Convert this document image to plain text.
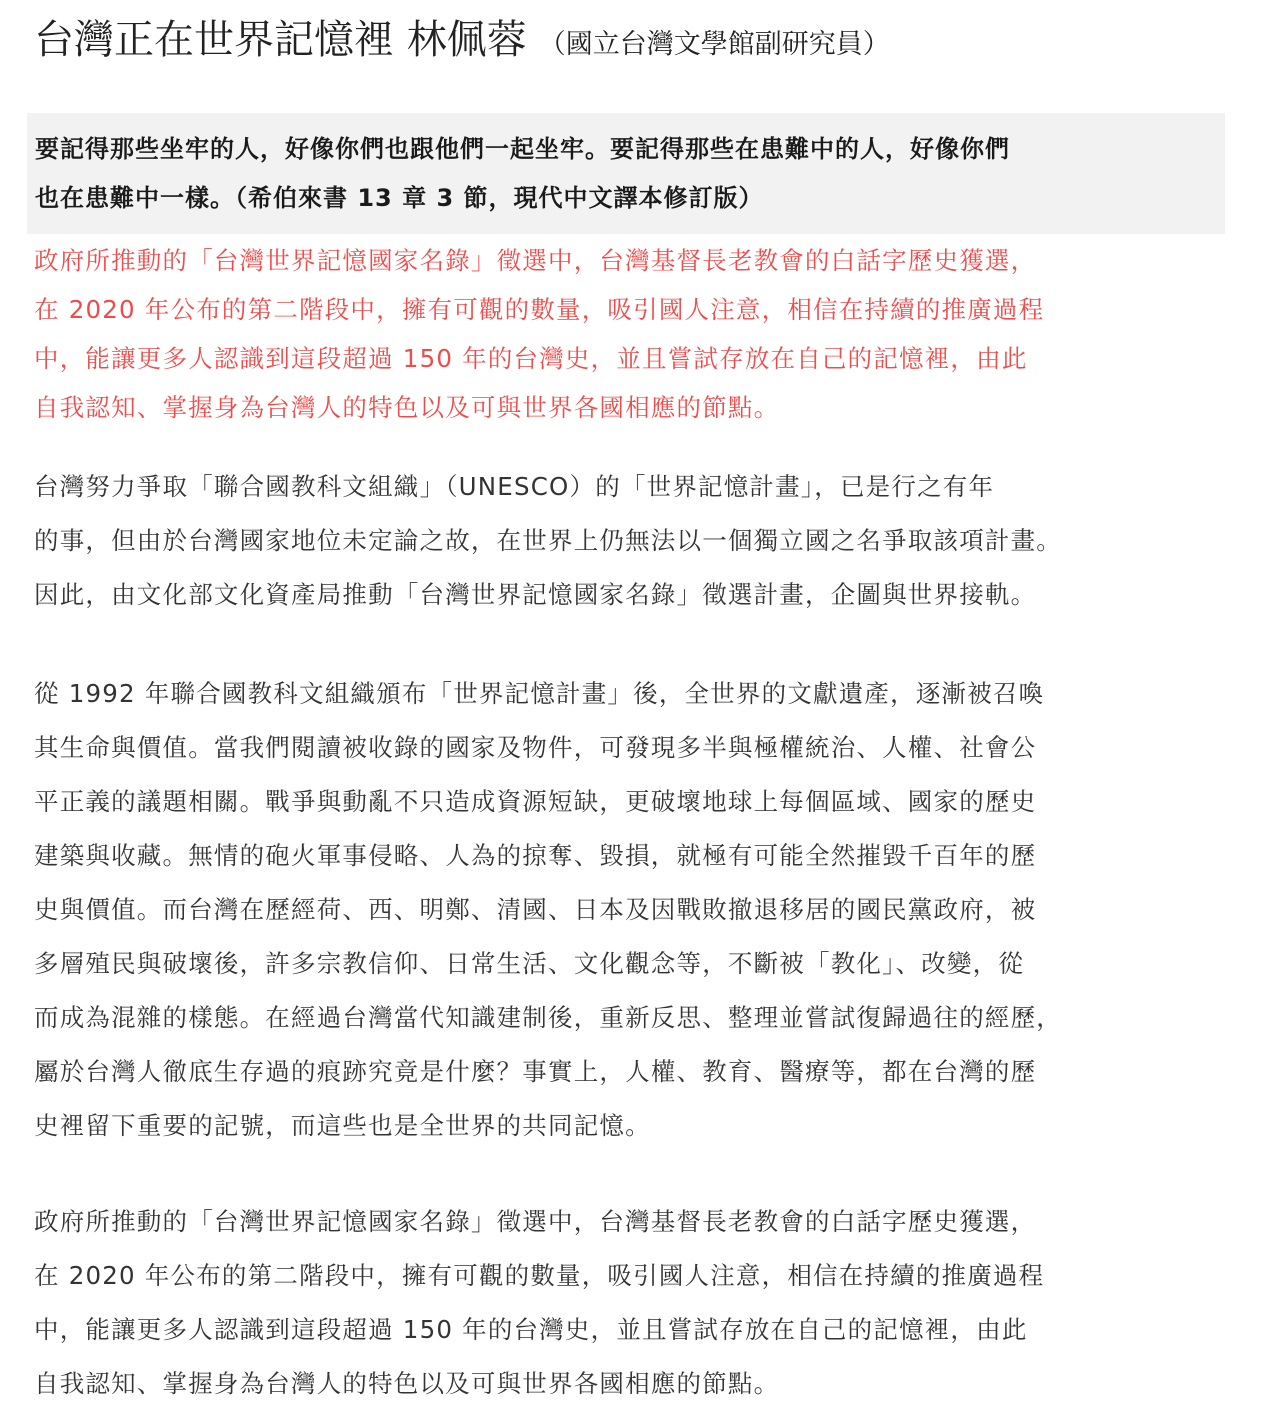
台灣正在世界記憶裡 林佩蓉 （國立台灣文學館副研究員）
要記得那些坐牢的人，好像你們也跟他們一起坐牢。要記得那些在患難中的人，好像你們
也在患難中一樣。（希伯來書 13 章 3 節，現代中文譯本修訂版）
政府所推動的「台灣世界記憶國家名錄」徵選中，台灣基督長老教會的白話字歷史獲選，
在 2020 年公布的第二階段中，擁有可觀的數量，吸引國人注意，相信在持續的推廣過程
中，能讓更多人認識到這段超過 150 年的台灣史，並且嘗試存放在自己的記憶裡，由此
自我認知、掌握身為台灣人的特色以及可與世界各國相應的節點。
台灣努力爭取「聯合國教科文組織」（UNESCO）的「世界記憶計畫」，已是行之有年
的事，但由於台灣國家地位未定論之故，在世界上仍無法以一個獨立國之名爭取該項計畫。
因此，由文化部文化資產局推動「台灣世界記憶國家名錄」徵選計畫，企圖與世界接軌。
從 1992 年聯合國教科文組織頒布「世界記憶計畫」後，全世界的文獻遺產，逐漸被召喚
其生命與價值。當我們閱讀被收錄的國家及物件，可發現多半與極權統治、人權、社會公
平正義的議題相關。戰爭與動亂不只造成資源短缺，更破壞地球上每個區域、國家的歷史
建築與收藏。無情的砲火軍事侵略、人為的掠奪、毀損，就極有可能全然摧毀千百年的歷
史與價值。而台灣在歷經荷、西、明鄭、清國、日本及因戰敗撤退移居的國民黨政府，被
多層殖民與破壞後，許多宗教信仰、日常生活、文化觀念等，不斷被「教化」、改變，從
而成為混雜的樣態。在經過台灣當代知識建制後，重新反思、整理並嘗試復歸過往的經歷，
屬於台灣人徹底生存過的痕跡究竟是什麼？事實上，人權、教育、醫療等，都在台灣的歷
史裡留下重要的記號，而這些也是全世界的共同記憶。
政府所推動的「台灣世界記憶國家名錄」徵選中，台灣基督長老教會的白話字歷史獲選，
在 2020 年公布的第二階段中，擁有可觀的數量，吸引國人注意，相信在持續的推廣過程
中，能讓更多人認識到這段超過 150 年的台灣史，並且嘗試存放在自己的記憶裡，由此
自我認知、掌握身為台灣人的特色以及可與世界各國相應的節點。
